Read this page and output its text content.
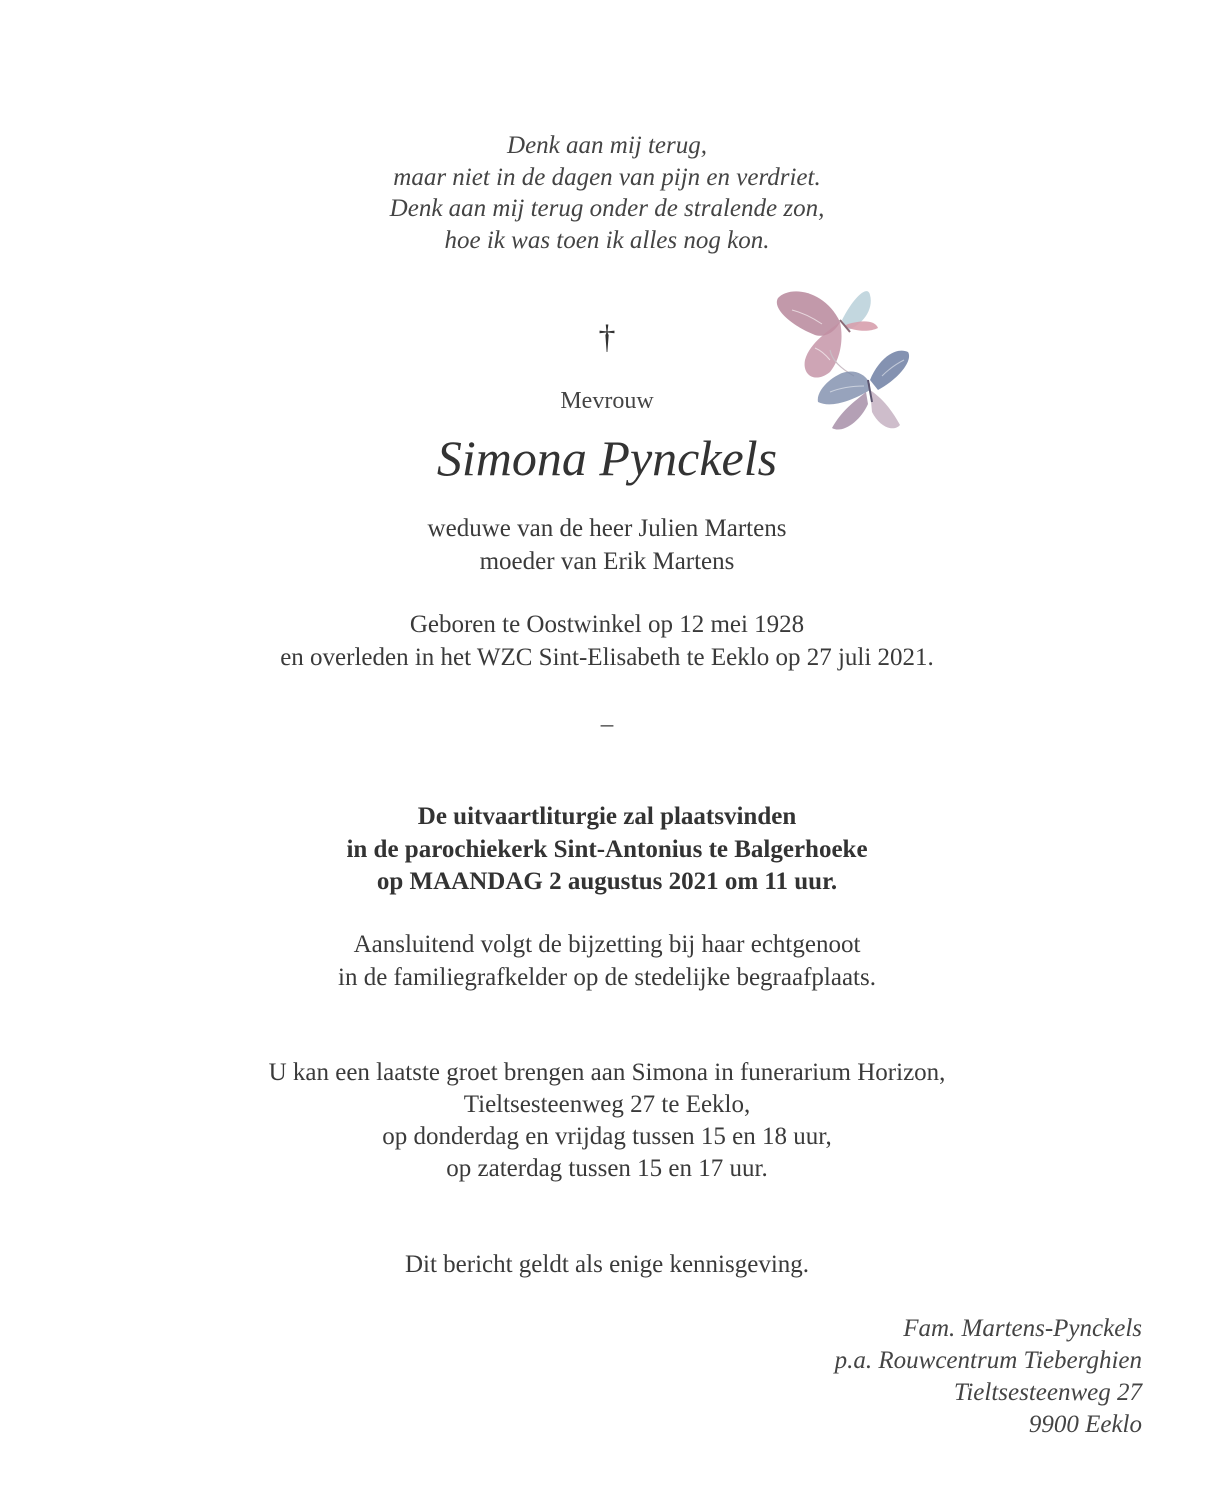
Denk aan mij terug,
maar niet in de dagen van pijn en verdriet.
Denk aan mij terug onder de stralende zon,
hoe ik was toen ik alles nog kon.
†
Mevrouw
Simona Pynckels
weduwe van de heer Julien Martens
moeder van Erik Martens
Geboren te Oostwinkel op 12 mei 1928
en overleden in het WZC Sint-Elisabeth te Eeklo op 27 juli 2021.
–
De uitvaartliturgie zal plaatsvinden
in de parochiekerk Sint-Antonius te Balgerhoeke
op MAANDAG 2 augustus 2021 om 11 uur.
Aansluitend volgt de bijzetting bij haar echtgenoot
in de familiegrafkelder op de stedelijke begraafplaats.
U kan een laatste groet brengen aan Simona in funerarium Horizon,
Tieltsesteenweg 27 te Eeklo,
op donderdag en vrijdag tussen 15 en 18 uur,
op zaterdag tussen 15 en 17 uur.
Dit bericht geldt als enige kennisgeving.
Fam. Martens-Pynckels
p.a. Rouwcentrum Tieberghien
Tieltsesteenweg 27
9900 Eeklo
